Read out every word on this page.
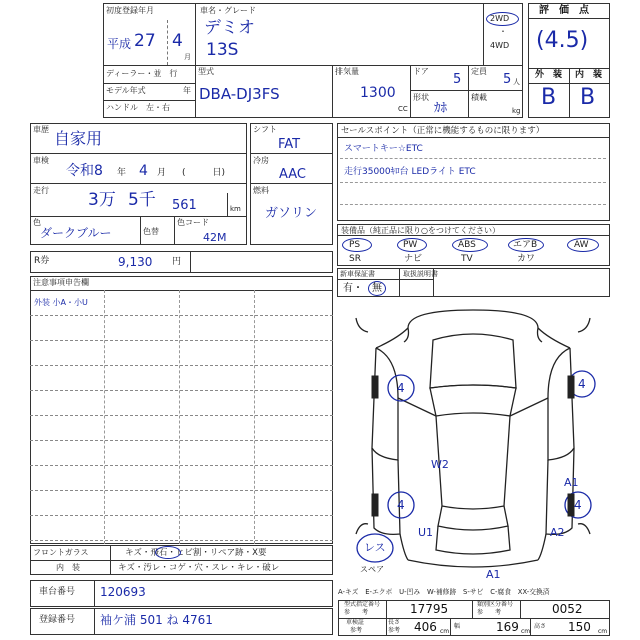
初度登録年月
平成 27 4
月
車名・グレード
デミオ
13S
2WD
・
4WD
ディーラー・並　行
モデル年式	年
ハンドル　左・右
型式
DBA-DJ3FS
排気量
1300
CC
ドア
5
定員
5 人
形状
ｶﾎ
積載
kg
評　価　点
(4.5)
外　装 内　装
B B
車歴 自家用
車検
令和8 年 4 月 (　　　日)
走行 3万 5千 561	km
色
ダークブルー	色替
色コード
42M
シフト
FAT
冷房
AAC
燃料
ガソリン
セールスポイント（正常に機能するものに限ります）
スマートキー☆ETC
走行35000ｷﾛ台 LEDライト ETC
装備品（純正品に限り○をつけてください）
PS	PW	ABS	エアB	AW
SR	ナビ	TV	カワ
新車保証書
有・ 無
取扱説明書
R券	9,130 円
注意事項申告欄
外装 小A・小U
フロントガラス	キズ・飛石・ヒビ割・リペア跡・X要
内　装	キズ・汚レ・コゲ・穴・スレ・キレ・破レ
車台番号 120693
登録番号 袖ケ浦 501 ね 4761
4	4
W2
A1
4	4
U1	A2
A1
レス
スペア
A-キズ　E-エクボ　U-凹み　W-補修跡　S-サビ　C-腐食　XX-交換済
型式指定番号
参　　考	17795	類別区分番号
参　　考	0052
車検証
参考
長さ
参考 406 cm
幅	169 cm
高さ 150 cm
